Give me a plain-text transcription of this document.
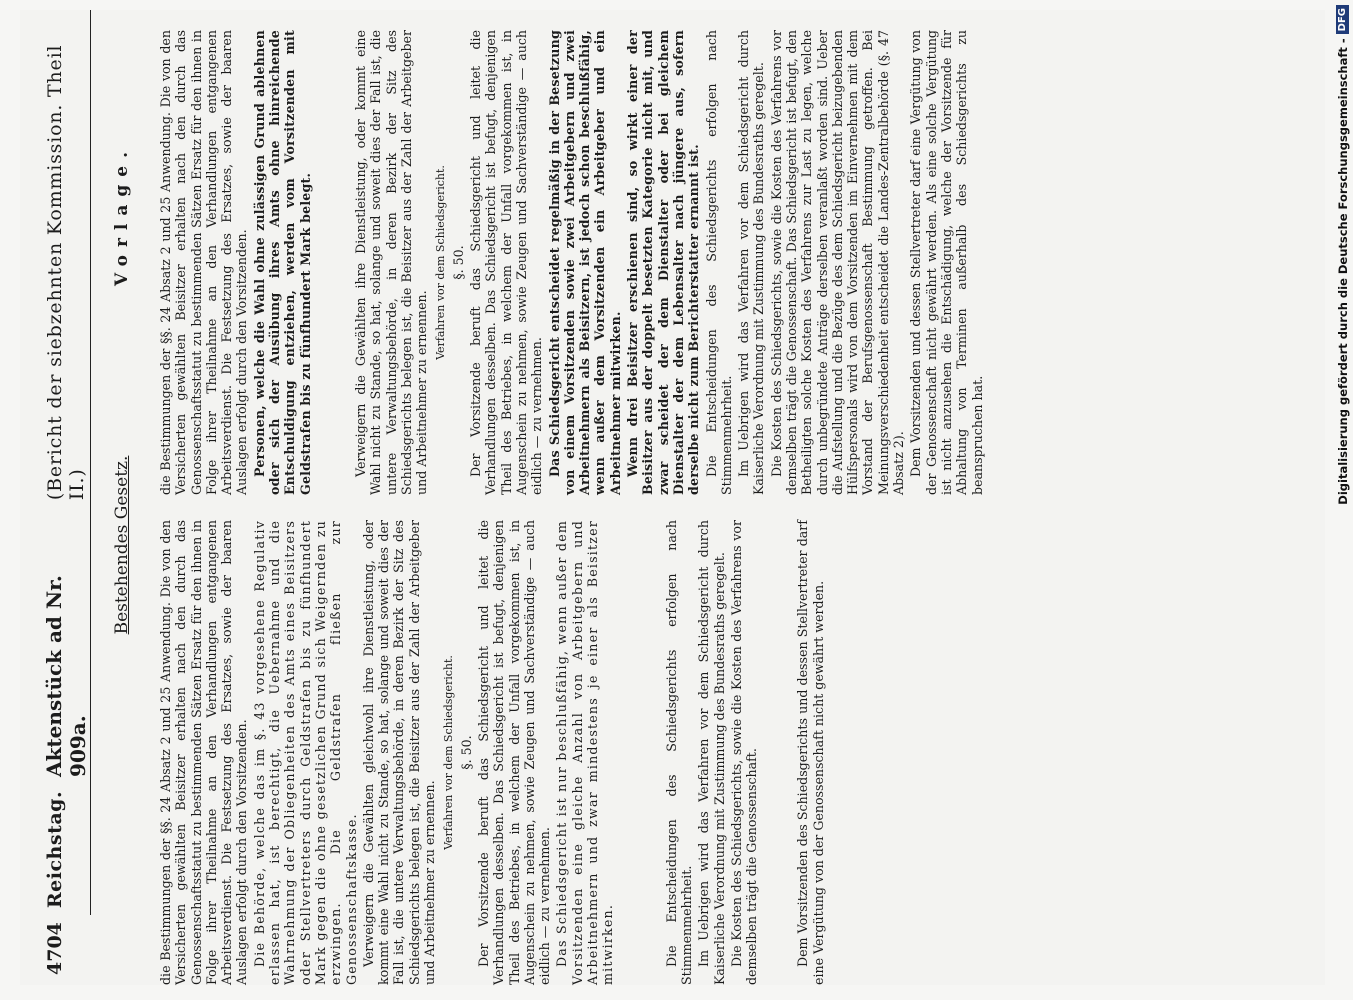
4704
Reichstag.
Aktenstück ad Nr. 909a.
(Bericht der siebzehnten Kommission. Theil II.) Bestehendes Gesetz.
Vorlage.

die Bestimmungen der §§. 24 Absatz 2 und 25 Anwendung. Die von den Versicherten gewählten Beisitzer erhalten nach den durch das Genossenschaftsstatut zu bestimmenden Sätzen Ersatz für den ihnen in Folge ihrer Theilnahme an den Verhandlungen entgangenen Arbeitsverdienst. Die Festsetzung des Ersatzes, sowie der baaren Auslagen erfolgt durch den Vorsitzenden. Die Behörde, welche das im §. 43 vorgesehene Regulativ erlassen hat, ist berechtigt, die Uebernahme und die Wahrnehmung der Obliegenheiten des Amts eines Beisitzers oder Stellvertreters durch Geldstrafen bis zu fünfhundert Mark gegen die ohne gesetzlichen Grund sich Weigernden zu erzwingen. Die Geldstrafen fließen zur Genossenschaftskasse. Verweigern die Gewählten gleichwohl ihre Dienstleistung, oder kommt eine Wahl nicht zu Stande, so hat, solange und soweit dies der Fall ist, die untere Verwaltungsbehörde, in deren Bezirk der Sitz des Schiedsgerichts belegen ist, die Beisitzer aus der Zahl der Arbeitgeber und Arbeitnehmer zu ernennen.

Verfahren vor dem Schiedsgericht. §. 50. Der Vorsitzende beruft das Schiedsgericht und leitet die Verhandlungen desselben. Das Schiedsgericht ist befugt, denjenigen Theil des Betriebes, in welchem der Unfall vorgekommen ist, in Augenschein zu nehmen, sowie Zeugen und Sachverständige — auch eidlich — zu vernehmen. Das Schiedsgericht ist nur beschlußfähig, wenn außer dem Vorsitzenden eine gleiche Anzahl von Arbeitgebern und Arbeitnehmern und zwar mindestens je einer als Beisitzer mitwirken.	Die Entscheidungen des Schiedsgerichts erfolgen nach Stimmenmehrheit. Im Uebrigen wird das Verfahren vor dem Schiedsgericht durch Kaiserliche Verordnung mit Zustimmung des Bundesraths geregelt. Die Kosten des Schiedsgerichts, sowie die Kosten des Verfahrens vor demselben trägt die Genossenschaft.	Dem Vorsitzenden des Schiedsgerichts und dessen Stellvertreter darf eine Vergütung von der Genossenschaft nicht gewährt werden.

die Bestimmungen der §§. 24 Absatz 2 und 25 Anwendung. Die von den Versicherten gewählten Beisitzer erhalten nach den durch das Genossenschaftsstatut zu bestimmenden Sätzen Ersatz für den ihnen in Folge ihrer Theilnahme an den Verhandlungen entgangenen Arbeitsverdienst. Die Festsetzung des Ersatzes, sowie der baaren Auslagen erfolgt durch den Vorsitzenden. Personen, welche die Wahl ohne zulässigen Grund ablehnen oder sich der Ausübung ihres Amts ohne hinreichende Entschuldigung entziehen, werden vom Vorsitzenden mit Geldstrafen bis zu fünfhundert Mark belegt.	Verweigern die Gewählten ihre Dienstleistung, oder kommt eine Wahl nicht zu Stande, so hat, solange und soweit dies der Fall ist, die untere Verwaltungsbehörde, in deren Bezirk der Sitz des Schiedsgerichts belegen ist, die Beisitzer aus der Zahl der Arbeitgeber und Arbeitnehmer zu ernennen.

Verfahren vor dem Schiedsgericht. §. 50. Der Vorsitzende beruft das Schiedsgericht und leitet die Verhandlungen desselben. Das Schiedsgericht ist befugt, denjenigen Theil des Betriebes, in welchem der Unfall vorgekommen ist, in Augenschein zu nehmen, sowie Zeugen und Sachverständige — auch eidlich — zu vernehmen. Das Schiedsgericht entscheidet regelmäßig in der Besetzung von einem Vorsitzenden sowie zwei Arbeitgebern und zwei Arbeitnehmern als Beisitzern, ist jedoch schon beschlußfähig, wenn außer dem Vorsitzenden ein Arbeitgeber und ein Arbeitnehmer mitwirken. Wenn drei Beisitzer erschienen sind, so wirkt einer der Beisitzer aus der doppelt besetzten Kategorie nicht mit, und zwar scheidet der dem Dienstalter oder bei gleichem Dienstalter der dem Lebensalter nach jüngere aus, sofern derselbe nicht zum Berichterstatter ernannt ist. Die Entscheidungen des Schiedsgerichts erfolgen nach Stimmenmehrheit. Im Uebrigen wird das Verfahren vor dem Schiedsgericht durch Kaiserliche Verordnung mit Zustimmung des Bundesraths geregelt. Die Kosten des Schiedsgerichts, sowie die Kosten des Verfahrens vor demselben trägt die Genossenschaft. Das Schiedsgericht ist befugt, den Betheiligten solche Kosten des Verfahrens zur Last zu legen, welche durch unbegründete Anträge derselben veranlaßt worden sind. Ueber die Aufstellung und die Bezüge des dem Schiedsgericht beizugebenden Hülfspersonals wird von dem Vorsitzenden im Einvernehmen mit dem Vorstand der Berufsgenossenschaft Bestimmung getroffen. Bei Meinungsverschiedenheit entscheidet die Landes-Zentralbehörde (§. 47 Absatz 2). Dem Vorsitzenden und dessen Stellvertreter darf eine Vergütung von der Genossenschaft nicht gewährt werden. Als eine solche Vergütung ist nicht anzusehen die Entschädigung, welche der Vorsitzende für Abhaltung von Terminen außerhalb des Schiedsgerichts zu beanspruchen hat.	Digitalisierung gefördert durch die Deutsche Forschungsgemeinschaft -
DFG
